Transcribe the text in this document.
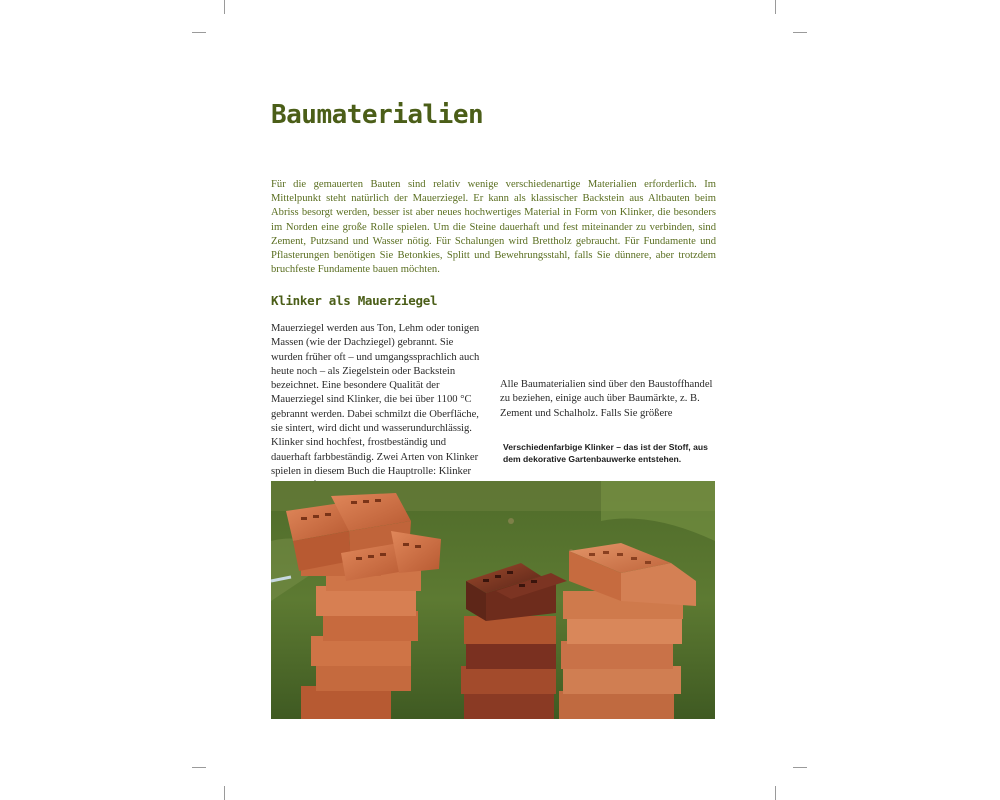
Baumaterialien

Für die gemauerten Bauten sind relativ wenige verschiedenartige Materialien erforderlich. Im Mittelpunkt steht natürlich der Mauerziegel. Er kann als klassischer Backstein aus Altbauten beim Abriss besorgt werden, besser ist aber neues hochwertiges Material in Form von Klinker, die besonders im Norden eine große Rolle spielen. Um die Steine dauerhaft und fest miteinander zu verbinden, sind Zement, Putzsand und Wasser nötig. Für Schalungen wird Brettholz gebraucht. Für Fundamente und Pflasterungen benötigen Sie Betonkies, Splitt und Bewehrungsstahl, falls Sie dünnere, aber trotzdem bruchfeste Fundamente bauen möchten.

Klinker als Mauerziegel

Mauerziegel werden aus Ton, Lehm oder tonigen Massen (wie der Dachziegel) gebrannt. Sie wurden früher oft – und umgangssprachlich auch heute noch – als Ziegelstein oder Backstein bezeichnet. Eine besondere Qualität der Mauerziegel sind Klinker, die bei über 1100 °C gebrannt werden. Dabei schmilzt die Oberfläche, sie sintert, wird dicht und wasserundurchlässig. Klinker sind hochfest, frostbeständig und dauerhaft farbbeständig. Zwei Arten von Klinker spielen in diesem Buch die Hauptrolle: Klinker

Alle Baumaterialien sind über den Baustoffhandel zu beziehen, einige auch über Baumärkte, z. B. Zement und Schalholz. Falls Sie größere

Verschiedenfarbige Klinker – das ist der Stoff, aus dem dekorative Gartenbauwerke entstehen.
